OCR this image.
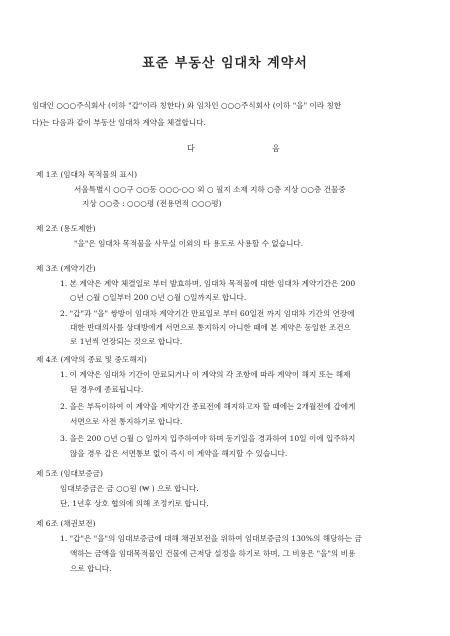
표준 부동산 임대차 계약서
임대인 ○○○주식회사 (이하 "갑"이라 칭한다) 와 임차인 ○○○주식회사 (이하 "을" 이라 칭한
다)는 다음과 같이 부동산 임대차 계약을 체결합니다.
다	음
제 1조 (임대차 목적물의 표시)
서울특별시 ○○구 ○○동 ○○○-○○ 외 ○ 필지 소재 지하 ○층 지상 ○○층 건물중
지상 ○○층 : ○○○평 (전용면적 ○○○평)
제 2조 (용도제한)
"을"은 임대차 목적물을 사무실 이외의 타 용도로 사용할 수 없습니다.
제 3조 (계약기간)
1. 본 계약은 계약 체결일로 부터 발효하며, 임대차 목적물에 대한 임대차 계약기간은 200
○년 ○월 ○일부터 200 ○년 ○월 ○일까지로 합니다.
2. "갑"과 "을" 쌍방이 임대차 계약기간 만료일로 부터 60일전 까지 임대차 기간의 연장에
대한 반대의사를 상대방에게 서면으로 통지하지 아니한 때에 본 계약은 동일한 조건으
로 1년씩 연장되는 것으로 합니다.
제 4조 (계약의 종료 및 중도해지)
1. 이 계약은 임대차 기간이 만료되거나 이 계약의 각 조항에 따라 계약이 해지 또는 해제
된 경우에 종료됩니다.
2. 을은 부득이하여 이 계약을 계약기간 종료전에 해지하고자 할 때에는 2개월전에 갑에게
서면으로 사전 통지하기로 합니다.
3. 을은 200 ○년 ○월 ○ 일까지 입주하여야 하며 동기일을 경과하여 10일 이에 입주하지
않을 경우 갑은 서면통보 없이 즉시 이 계약을 해지할 수 있습니다.
제 5조 (임대보증금)
임대보증금은 금 ○○원 (₩ ) 으로 합니다.
단, 1년후 상호 협의에 의해 조정키로 합니다.
제 6조 (채권보전)
1. "갑"은 "을"의 임대보증금에 대해 채권보전을 위하여 임대보증금의 130%의 해당하는 금
액하는 금액을 임대목적물인 건물에 근저당 설정을 하기로 하며, 그 비용은 "을"의 비용
으로 합니다.
